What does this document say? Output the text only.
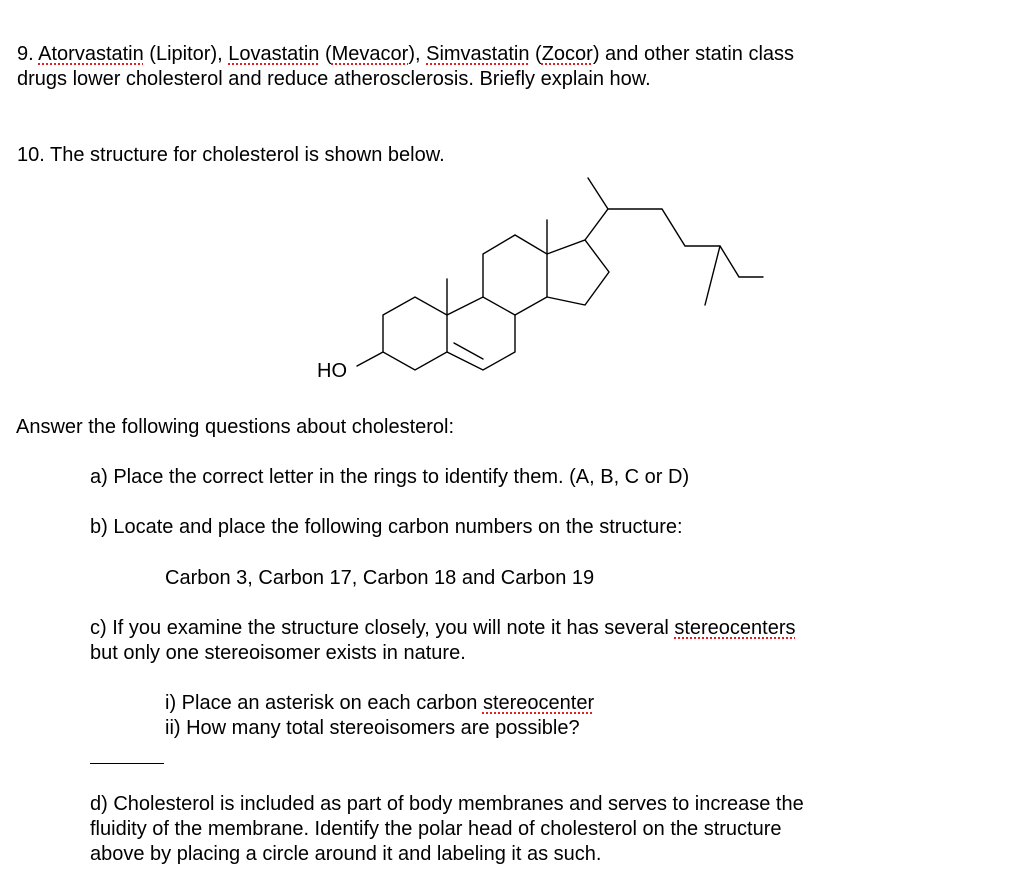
9. Atorvastatin (Lipitor), Lovastatin (Mevacor), Simvastatin (Zocor) and other statin class
drugs lower cholesterol and reduce atherosclerosis. Briefly explain how.
10. The structure for cholesterol is shown below.
HO
Answer the following questions about cholesterol:
a) Place the correct letter in the rings to identify them. (A, B, C or D)
b) Locate and place the following carbon numbers on the structure:
Carbon 3, Carbon 17, Carbon 18 and Carbon 19
c) If you examine the structure closely, you will note it has several stereocenters
but only one stereoisomer exists in nature.
i) Place an asterisk on each carbon stereocenter
ii) How many total stereoisomers are possible?
d) Cholesterol is included as part of body membranes and serves to increase the
fluidity of the membrane. Identify the polar head of cholesterol on the structure
above by placing a circle around it and labeling it as such.
